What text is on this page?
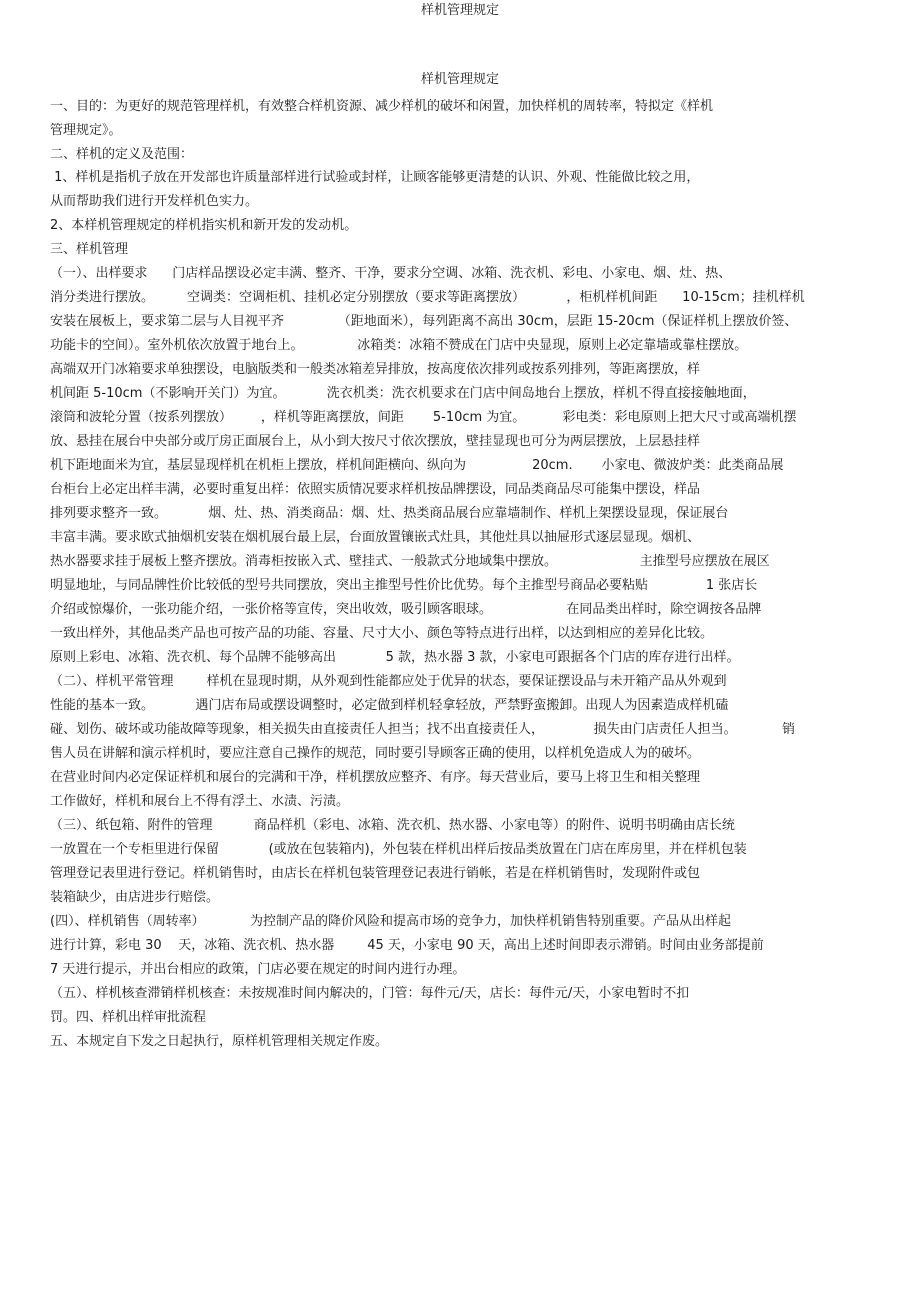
样机管理规定
样机管理规定
一、目的：为更好的规范管理样机，有效整合样机资源、减少样机的破坏和闲置，加快样机的周转率，特拟定《样机
管理规定》。
二、样机的定义及范围：
1、样机是指机子放在开发部也许质量部样进行试验或封样，让顾客能够更清楚的认识、外观、性能做比较之用，
从而帮助我们进行开发样机色实力。
2、本样机管理规定的样机指实机和新开发的发动机。
三、样机管理
（一）、出样要求      门店样品摆设必定丰满、整齐、干净，要求分空调、冰箱、洗衣机、彩电、小家电、烟、灶、热、
消分类进行摆放。        空调类：空调柜机、挂机必定分别摆放（要求等距离摆放）          ，柜机样机间距      10-15cm；挂机样机
安装在展板上，要求第二层与人目视平齐             （距地面米），每列距离不高出 30cm，层距 15-20cm（保证样机上摆放价签、
功能卡的空间）。室外机依次放置于地台上。             冰箱类：冰箱不赞成在门店中央显现，原则上必定靠墙或靠柱摆放。
高端双开门冰箱要求单独摆设，电脑版类和一般类冰箱差异排放，按高度依次排列或按系列排列，等距离摆放，样
机间距 5-10cm（不影响开关门）为宜。          洗衣机类：洗衣机要求在门店中间岛地台上摆放，样机不得直接接触地面，
滚筒和波轮分置（按系列摆放）       ，样机等距离摆放，间距       5-10cm 为宜。         彩电类：彩电原则上把大尺寸或高端机摆
放、悬挂在展台中央部分或厅房正面展台上，从小到大按尺寸依次摆放，壁挂显现也可分为两层摆放，上层悬挂样
机下距地面米为宜，基层显现样机在机柜上摆放，样机间距横向、纵向为                20cm.       小家电、微波炉类：此类商品展
台柜台上必定出样丰满，必要时重复出样：依照实质情况要求样机按品牌摆设，同品类商品尽可能集中摆设，样品
排列要求整齐一致。          烟、灶、热、消类商品：烟、灶、热类商品展台应靠墙制作、样机上架摆设显现，保证展台
丰富丰满。要求欧式抽烟机安装在烟机展台最上层，台面放置镶嵌式灶具，其他灶具以抽屉形式逐层显现。烟机、
热水器要求挂于展板上整齐摆放。消毒柜按嵌入式、壁挂式、一般款式分地域集中摆放。                    主推型号应摆放在展区
明显地址，与同品牌性价比较低的型号共同摆放，突出主推型号性价比优势。每个主推型号商品必要粘贴              1 张店长
介绍或惊爆价，一张功能介绍，一张价格等宣传，突出收效，吸引顾客眼球。                  在同品类出样时，除空调按各品牌
一致出样外，其他品类产品也可按产品的功能、容量、尺寸大小、颜色等特点进行出样，以达到相应的差异化比较。
原则上彩电、冰箱、洗衣机、每个品牌不能够高出            5 款，热水器 3 款，小家电可跟据各个门店的库存进行出样。
（二）、样机平常管理        样机在显现时期，从外观到性能都应处于优异的状态，要保证摆设品与未开箱产品从外观到
性能的基本一致。          遇门店布局或摆设调整时，必定做到样机轻拿轻放，严禁野蛮搬卸。出现人为因素造成样机磕
碰、划伤、破坏或功能故障等现象，相关损失由直接责任人担当；找不出直接责任人，            损失由门店责任人担当。           销
售人员在讲解和演示样机时，要应注意自己操作的规范，同时要引导顾客正确的使用，以样机免造成人为的破坏。
在营业时间内必定保证样机和展台的完满和干净，样机摆放应整齐、有序。每天营业后，要马上将卫生和相关整理
工作做好，样机和展台上不得有浮土、水渍、污渍。
（三）、纸包箱、附件的管理          商品样机（彩电、冰箱、洗衣机、热水器、小家电等）的附件、说明书明确由店长统
一放置在一个专柜里进行保留            (或放在包装箱内)，外包装在样机出样后按品类放置在门店在库房里，并在样机包装
管理登记表里进行登记。样机销售时，由店长在样机包装管理登记表进行销帐，若是在样机销售时，发现附件或包
装箱缺少，由店进步行赔偿。
(四）、样机销售（周转率）           为控制产品的降价风险和提高市场的竞争力，加快样机销售特别重要。产品从出样起
进行计算，彩电 30    天，冰箱、洗衣机、热水器        45 天，小家电 90 天，高出上述时间即表示滞销。时间由业务部提前
7 天进行提示，并出台相应的政策，门店必要在规定的时间内进行办理。
（五）、样机核查滞销样机核查：未按规准时间内解决的，门管：每件元/天，店长：每件元/天，小家电暂时不扣
罚。四、样机出样审批流程
五、本规定自下发之日起执行，原样机管理相关规定作废。
